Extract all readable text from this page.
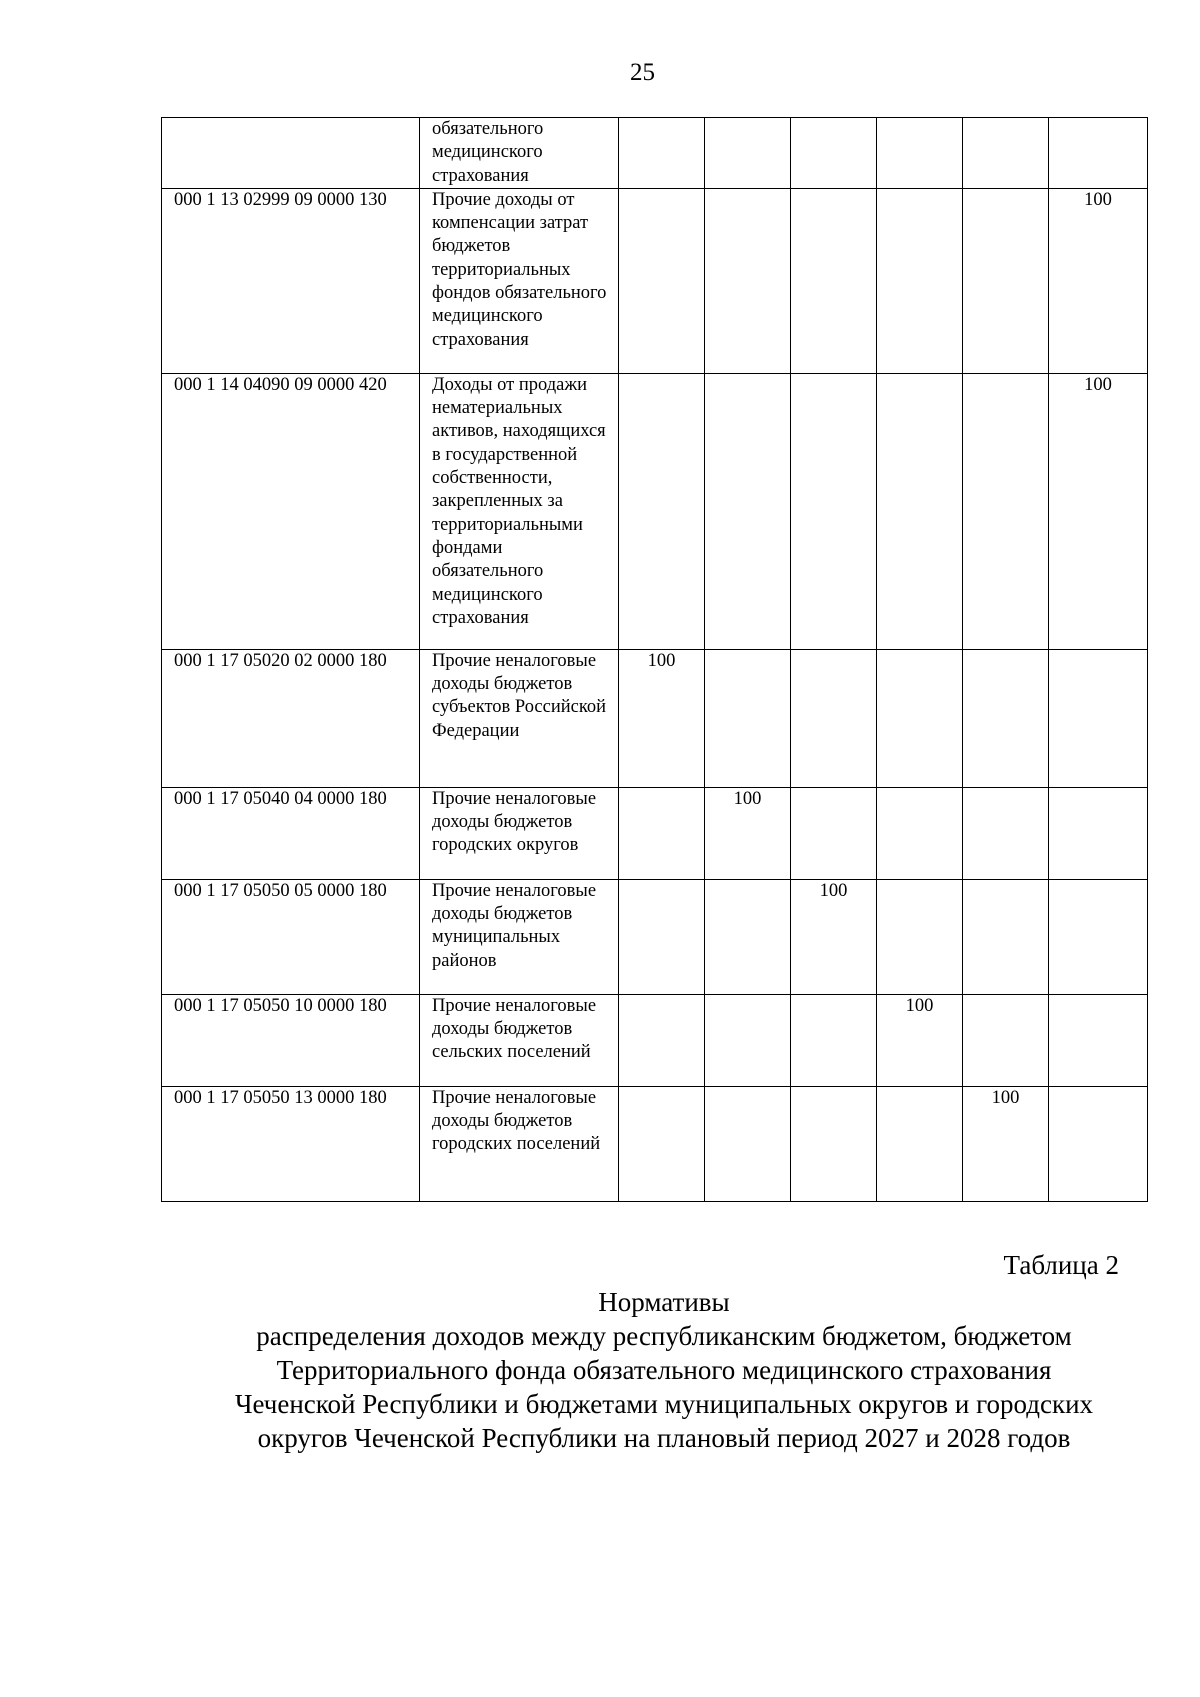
25
	обязательного медицинского страхования						
000 1 13 02999 09 0000 130	Прочие доходы от компенсации затрат бюджетов территориальных фондов обязательного медицинского страхования						100
000 1 14 04090 09 0000 420	Доходы от продажи нематериальных активов, находящихся в государственной собственности, закрепленных за территориальными фондами обязательного медицинского страхования						100
000 1 17 05020 02 0000 180	Прочие неналоговые доходы бюджетов субъектов Российской Федерации	100					
000 1 17 05040 04 0000 180	Прочие неналоговые доходы бюджетов городских округов		100				
000 1 17 05050 05 0000 180	Прочие неналоговые доходы бюджетов муниципальных районов			100			
000 1 17 05050 10 0000 180	Прочие неналоговые доходы бюджетов сельских поселений				100		
000 1 17 05050 13 0000 180	Прочие неналоговые доходы бюджетов городских поселений					100	
Таблица 2
Нормативы
распределения доходов между республиканским бюджетом, бюджетом
Территориального фонда обязательного медицинского страхования
Чеченской Республики и бюджетами муниципальных округов и городских
округов Чеченской Республики на плановый период 2027 и 2028 годов
